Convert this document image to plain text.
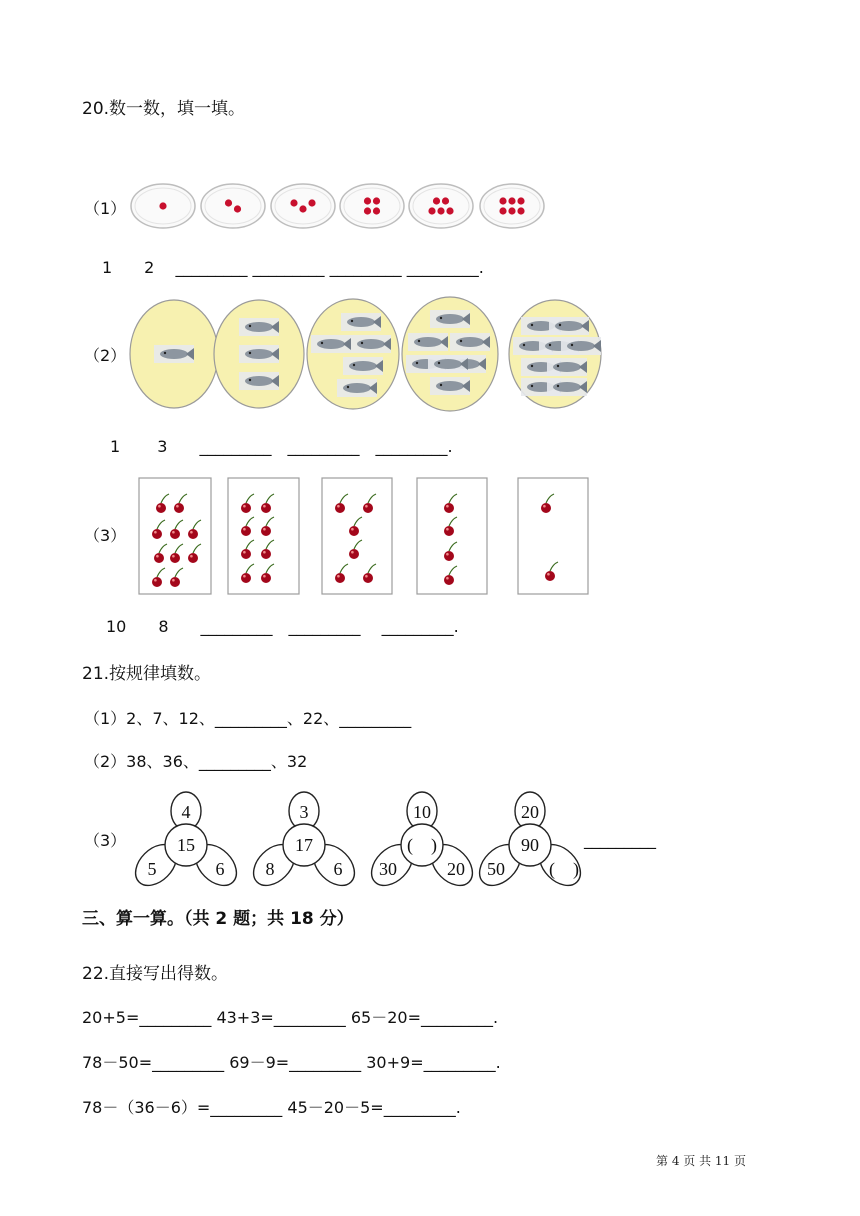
20.数一数，填一填。
（1）
1　　2　 _________ _________ _________ _________.
（2）
1　　 3　　_________　_________　_________.
（3）
10　　8　　_________　_________　 _________.
21.按规律填数。
（1）2、7、12、_________、22、_________
（2）38、36、_________、32
（3）
4
15
5	6
3
17
8	6
10
(　)
30	20
20
90
50 (　)
_________
三、算一算。（共 2 题；共 18 分）
22.直接写出得数。
20+5=_________ 43+3=_________ 65－20=_________.
78－50=_________ 69－9=_________ 30+9=_________.
78－（36－6）=_________ 45－20－5=_________.
第 4 页 共 11 页
